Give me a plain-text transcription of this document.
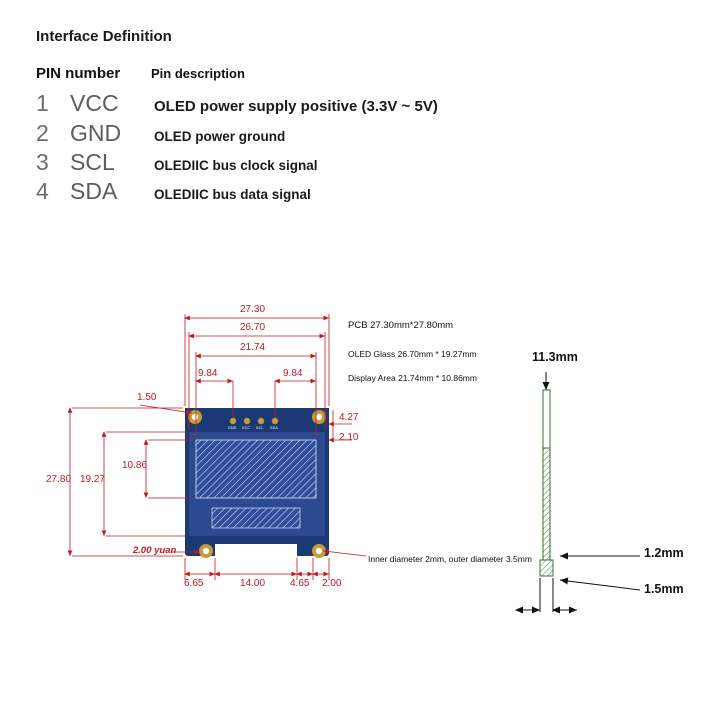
Interface Definition
PIN number	Pin description
1 VCC	OLED power supply positive (3.3V ~ 5V)
2 GND	OLED power ground
3 SCL	OLEDIIC bus clock signal
4 SDA	OLEDIIC bus data signal
PCB 27.30mm*27.80mm
OLED Glass 26.70mm * 19.27mm
Display Area 21.74mm * 10.86mm
Inner diameter 2mm, outer diameter 3.5mm
27.30
26.70
21.74
9.84	9.84
1.50
4.27
2.10
27.80 19.27
10.86
6.65	14.00 4.65 2.00
2.00 yuan
GND VCC SCL SDA
11.3mm
1.2mm
1.5mm
